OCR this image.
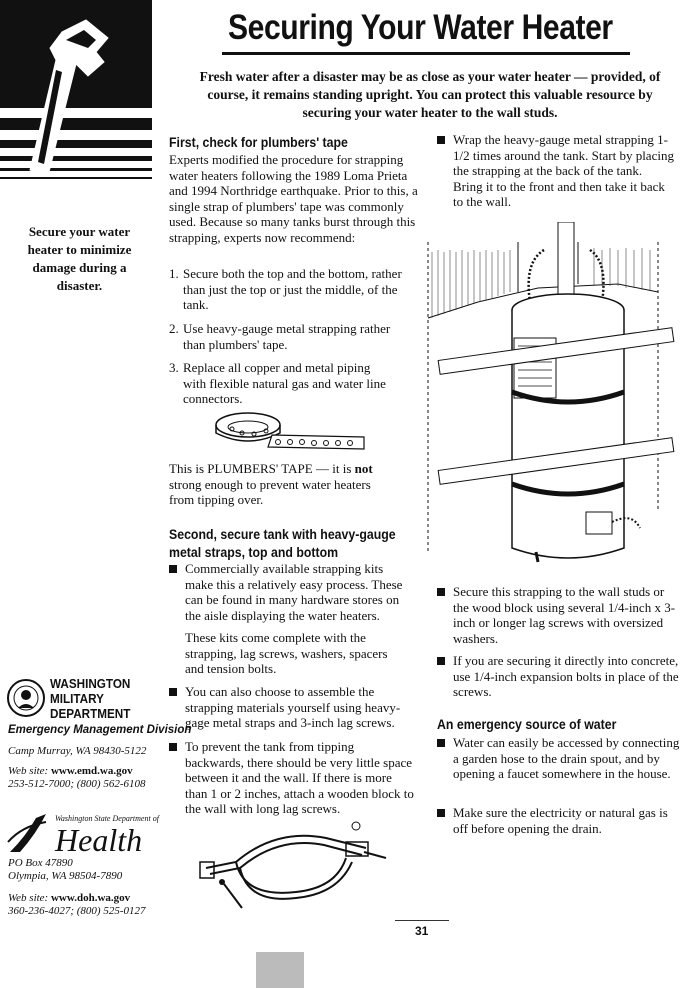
Securing Your Water Heater
Fresh water after a disaster may be as close as your water heater — provided, of course, it remains standing upright. You can protect this valuable resource by securing your water heater to the wall studs.
Secure your water heater to minimize damage during a disaster.
WASHINGTON
MILITARY
DEPARTMENT
Emergency Management Division
Camp Murray, WA 98430-5122
Web site: www.emd.wa.gov
253-512-7000; (800) 562-6108
Washington State Department of
Health
PO Box 47890
Olympia, WA 98504-7890
Web site: www.doh.wa.gov
360-236-4027; (800) 525-0127
First, check for plumbers' tape
Experts modified the procedure for strapping water heaters following the 1989 Loma Prieta and 1994 Northridge earthquake. Prior to this, a single strap of plumbers' tape was commonly used. Because so many tanks burst through this strapping, experts now recommend:
1. Secure both the top and the bottom, rather than just the top or just the middle, of the tank.
2. Use heavy-gauge metal strapping rather than plumbers' tape.
3. Replace all copper and metal piping with flexible natural gas and water line connectors.
This is PLUMBERS' TAPE — it is not strong enough to prevent water heaters from tipping over.
Second, secure tank with heavy-gauge
metal straps, top and bottom
Commercially available strapping kits make this a relatively easy process. These can be found in many hardware stores on the aisle displaying the water heaters.
These kits come complete with the strapping, lag screws, washers, spacers and tension bolts.
You can also choose to assemble the strapping materials yourself using heavy-gage metal straps and 3-inch lag screws.
To prevent the tank from tipping backwards, there should be very little space between it and the wall. If there is more than 1 or 2 inches, attach a wooden block to the wall with long lag screws.
Wrap the heavy-gauge metal strapping 1-1/2 times around the tank. Start by placing the strapping at the back of the tank. Bring it to the front and then take it back to the wall.
Secure this strapping to the wall studs or the wood block using several 1/4-inch x 3-inch or longer lag screws with oversized washers.
If you are securing it directly into concrete, use 1/4-inch expansion bolts in place of the screws.
An emergency source of water
Water can easily be accessed by connecting a garden hose to the drain spout, and by opening a faucet somewhere in the house.
Make sure the electricity or natural gas is off before opening the drain.
31
